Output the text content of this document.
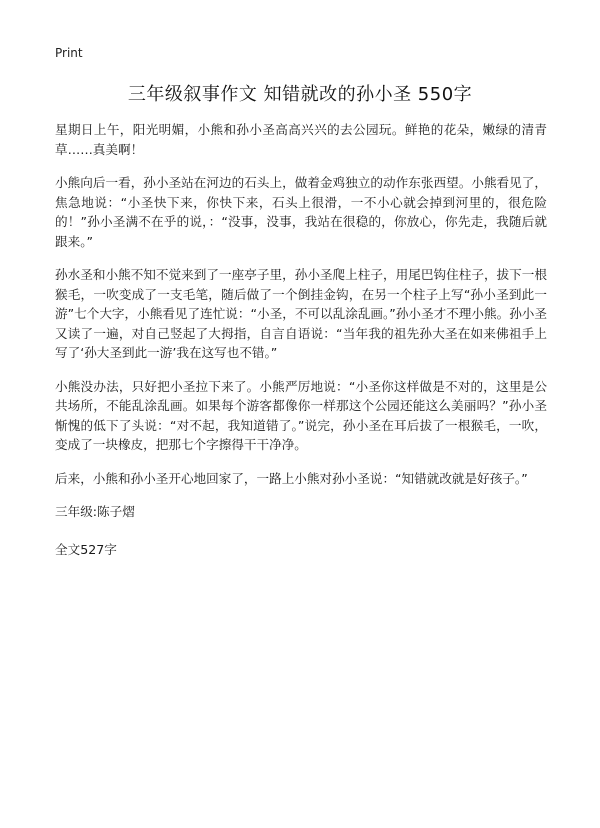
Print
三年级叙事作文 知错就改的孙小圣 550字

星期日上午，阳光明媚，小熊和孙小圣高高兴兴的去公园玩。鲜艳的花朵，嫩绿的清青草……真美啊！

小熊向后一看，孙小圣站在河边的石头上，做着金鸡独立的动作东张西望。小熊看见了，焦急地说：“小圣快下来，你快下来，石头上很滑，一不小心就会掉到河里的，很危险的！”孙小圣满不在乎的说，：“没事，没事，我站在很稳的，你放心，你先走，我随后就跟来。”

孙水圣和小熊不知不觉来到了一座亭子里，孙小圣爬上柱子，用尾巴钩住柱子，拔下一根猴毛，一吹变成了一支毛笔，随后做了一个倒挂金钩，在另一个柱子上写“孙小圣到此一游”七个大字，小熊看见了连忙说：“小圣，不可以乱涂乱画。”孙小圣才不理小熊。孙小圣又读了一遍，对自己竖起了大拇指，自言自语说：“当年我的祖先孙大圣在如来佛祖手上写了‘孙大圣到此一游’我在这写也不错。”

小熊没办法，只好把小圣拉下来了。小熊严厉地说：“小圣你这样做是不对的，这里是公共场所，不能乱涂乱画。如果每个游客都像你一样那这个公园还能这么美丽吗？”孙小圣惭愧的低下了头说：“对不起，我知道错了。”说完，孙小圣在耳后拔了一根猴毛，一吹，变成了一块橡皮，把那七个字擦得干干净净。

后来，小熊和孙小圣开心地回家了，一路上小熊对孙小圣说：“知错就改就是好孩子。”

三年级:陈子熠

全文527字
